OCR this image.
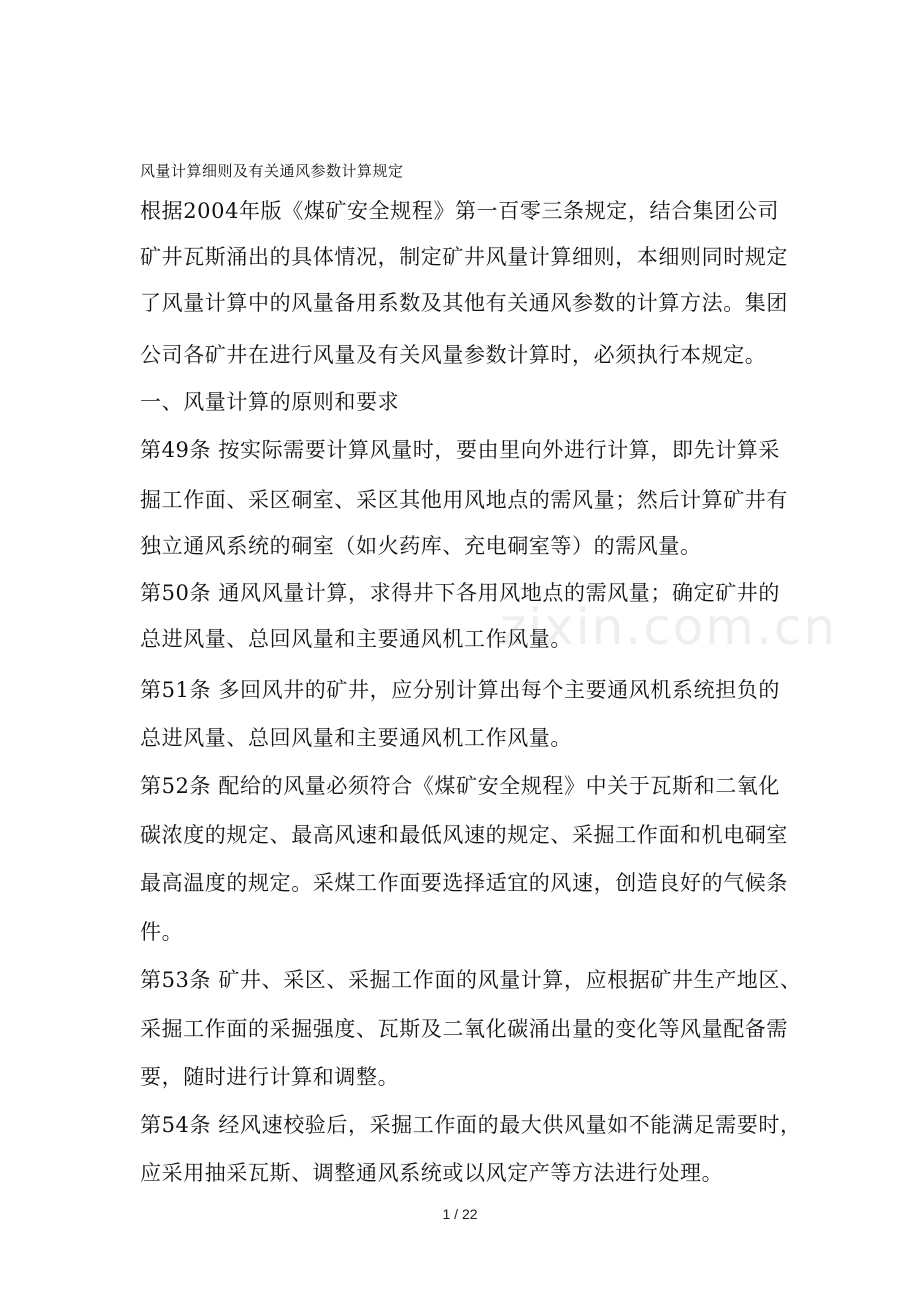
风量计算细则及有关通风参数计算规定
根据2004年版《煤矿安全规程》第一百零三条规定，结合集团公司
矿井瓦斯涌出的具体情况，制定矿井风量计算细则，本细则同时规定
了风量计算中的风量备用系数及其他有关通风参数的计算方法。集团
公司各矿井在进行风量及有关风量参数计算时，必须执行本规定。
一、风量计算的原则和要求
第49条 按实际需要计算风量时，要由里向外进行计算，即先计算采
掘工作面、采区硐室、采区其他用风地点的需风量；然后计算矿井有
独立通风系统的硐室（如火药库、充电硐室等）的需风量。
第50条 通风风量计算，求得井下各用风地点的需风量；确定矿井的
总进风量、总回风量和主要通风机工作风量。
第51条 多回风井的矿井，应分别计算出每个主要通风机系统担负的
总进风量、总回风量和主要通风机工作风量。
第52条 配给的风量必须符合《煤矿安全规程》中关于瓦斯和二氧化
碳浓度的规定、最高风速和最低风速的规定、采掘工作面和机电硐室
最高温度的规定。采煤工作面要选择适宜的风速，创造良好的气候条
件。
第53条 矿井、采区、采掘工作面的风量计算，应根据矿井生产地区、
采掘工作面的采掘强度、瓦斯及二氧化碳涌出量的变化等风量配备需
要，随时进行计算和调整。
第54条 经风速校验后，采掘工作面的最大供风量如不能满足需要时，
应采用抽采瓦斯、调整通风系统或以风定产等方法进行处理。
zixin.com.cn
1 / 22
